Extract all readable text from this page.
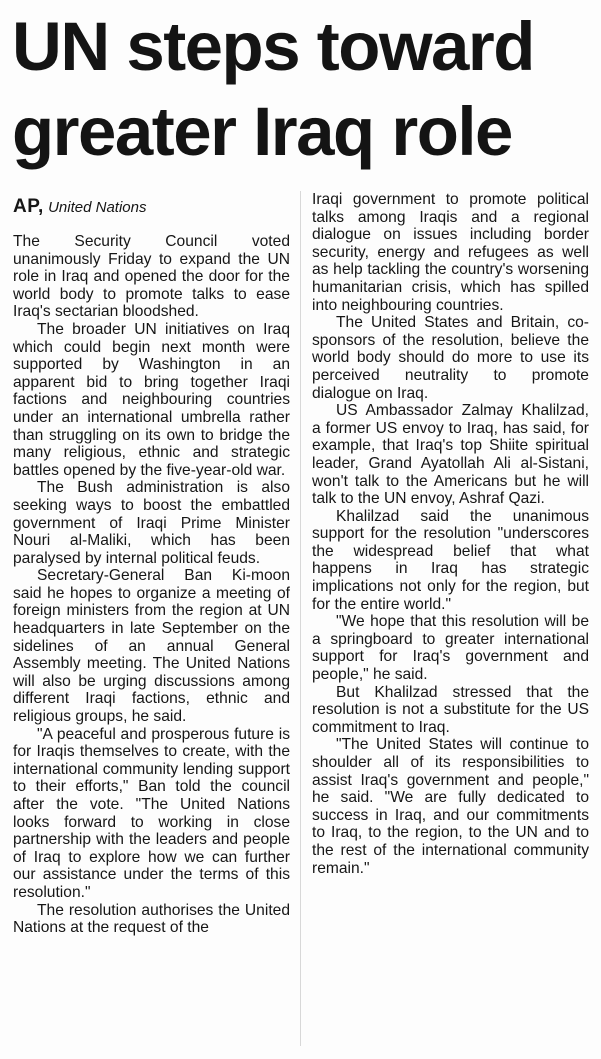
UN steps toward
greater Iraq role
AP, United Nations

The Security Council voted unanimously Friday to expand the UN role in Iraq and opened the door for the world body to promote talks to ease Iraq's sectarian bloodshed.

The broader UN initiatives on Iraq which could begin next month were supported by Washington in an apparent bid to bring together Iraqi factions and neighbouring countries under an international umbrella rather than struggling on its own to bridge the many religious, ethnic and strategic battles opened by the five-year-old war.

The Bush administration is also seeking ways to boost the embattled government of Iraqi Prime Minister Nouri al-Maliki, which has been paralysed by internal political feuds.

Secretary-General Ban Ki-moon said he hopes to organize a meeting of foreign ministers from the region at UN headquarters in late September on the sidelines of an annual General Assembly meeting. The United Nations will also be urging discussions among different Iraqi factions, ethnic and religious groups, he said.

"A peaceful and prosperous future is for Iraqis themselves to create, with the international community lending support to their efforts," Ban told the council after the vote. "The United Nations looks forward to working in close partnership with the leaders and people of Iraq to explore how we can further our assistance under the terms of this resolution."

The resolution authorises the United Nations at the request of the

Iraqi government to promote political talks among Iraqis and a regional dialogue on issues including border security, energy and refugees as well as help tackling the country's worsening humanitarian crisis, which has spilled into neighbouring countries.

The United States and Britain, co-sponsors of the resolution, believe the world body should do more to use its perceived neutrality to promote dialogue on Iraq.

US Ambassador Zalmay Khalilzad, a former US envoy to Iraq, has said, for example, that Iraq's top Shiite spiritual leader, Grand Ayatollah Ali al-Sistani, won't talk to the Americans but he will talk to the UN envoy, Ashraf Qazi.

Khalilzad said the unanimous support for the resolution "underscores the widespread belief that what happens in Iraq has strategic implications not only for the region, but for the entire world."

"We hope that this resolution will be a springboard to greater international support for Iraq's government and people," he said.

But Khalilzad stressed that the resolution is not a substitute for the US commitment to Iraq.

"The United States will continue to shoulder all of its responsibilities to assist Iraq's government and people," he said. "We are fully dedicated to success in Iraq, and our commitments to Iraq, to the region, to the UN and to the rest of the international community remain."
